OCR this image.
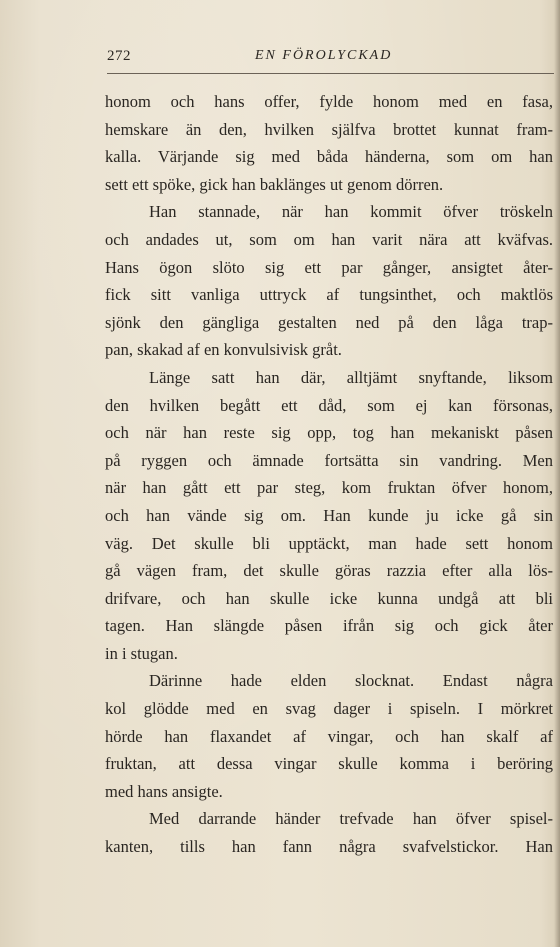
272	EN FÖROLYCKAD
honom och hans offer, fylde honom med en fasa,
hemskare än den, hvilken själfva brottet kunnat fram-
kalla. Värjande sig med båda händerna, som om han
sett ett spöke, gick han baklänges ut genom dörren.
Han stannade, när han kommit öfver tröskeln
och andades ut, som om han varit nära att kväfvas.
Hans ögon slöto sig ett par gånger, ansigtet åter-
fick sitt vanliga uttryck af tungsinthet, och maktlös
sjönk den gängliga gestalten ned på den låga trap-
pan, skakad af en konvulsivisk gråt.
Länge satt han där, alltjämt snyftande, liksom
den hvilken begått ett dåd, som ej kan försonas,
och när han reste sig opp, tog han mekaniskt påsen
på ryggen och ämnade fortsätta sin vandring. Men
när han gått ett par steg, kom fruktan öfver honom,
och han vände sig om. Han kunde ju icke gå sin
väg. Det skulle bli upptäckt, man hade sett honom
gå vägen fram, det skulle göras razzia efter alla lös-
drifvare, och han skulle icke kunna undgå att bli
tagen. Han slängde påsen ifrån sig och gick åter
in i stugan.
Därinne hade elden slocknat. Endast några
kol glödde med en svag dager i spiseln. I mörkret
hörde han flaxandet af vingar, och han skalf af
fruktan, att dessa vingar skulle komma i beröring
med hans ansigte.
Med darrande händer trefvade han öfver spisel-
kanten, tills han fann några svafvelstickor. Han
